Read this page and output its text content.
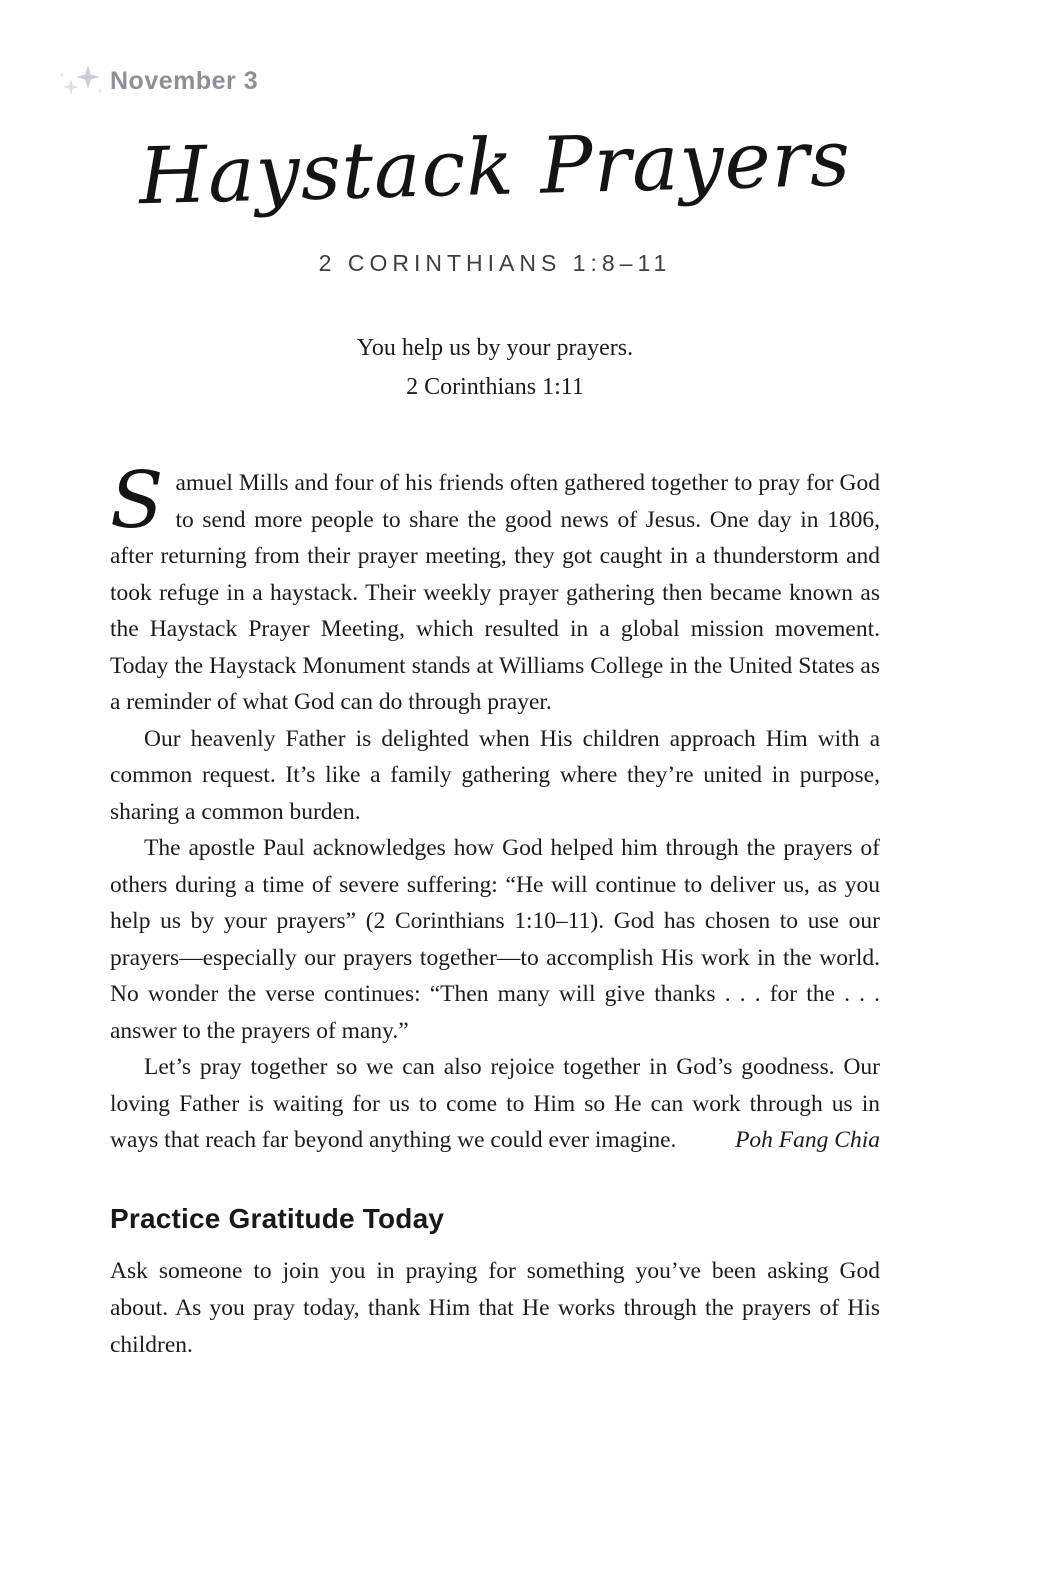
November 3
Haystack Prayers
2 CORINTHIANS 1:8–11
You help us by your prayers.
2 Corinthians 1:11

Samuel Mills and four of his friends often gathered together to pray for God to send more people to share the good news of Jesus. One day in 1806, after returning from their prayer meeting, they got caught in a thunderstorm and took refuge in a haystack. Their weekly prayer gathering then became known as the Haystack Prayer Meeting, which resulted in a global mission movement. Today the Haystack Monument stands at Williams College in the United States as a reminder of what God can do through prayer.

Our heavenly Father is delighted when His children approach Him with a common request. It’s like a family gathering where they’re united in purpose, sharing a common burden.

The apostle Paul acknowledges how God helped him through the prayers of others during a time of severe suffering: “He will continue to deliver us, as you help us by your prayers” (2 Corinthians 1:10–11). God has chosen to use our prayers—especially our prayers together—to accomplish His work in the world. No wonder the verse continues: “Then many will give thanks . . . for the . . . answer to the prayers of many.”

Let’s pray together so we can also rejoice together in God’s goodness. Our loving Father is waiting for us to come to Him so He can work through us in ways that reach far beyond anything we could ever imagine.	Poh Fang Chia

Practice Gratitude Today

Ask someone to join you in praying for something you’ve been asking God about. As you pray today, thank Him that He works through the prayers of His children.
